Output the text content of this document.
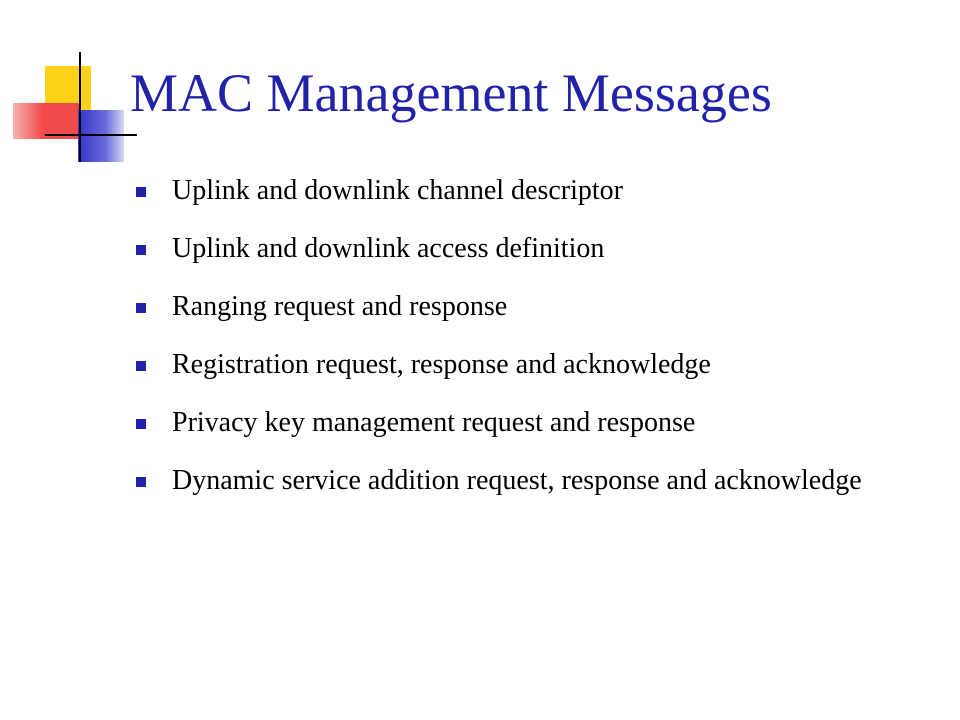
MAC Management Messages
Uplink and downlink channel descriptor
Uplink and downlink access definition
Ranging request and response
Registration request, response and acknowledge
Privacy key management request and response
Dynamic service addition request, response and acknowledge
